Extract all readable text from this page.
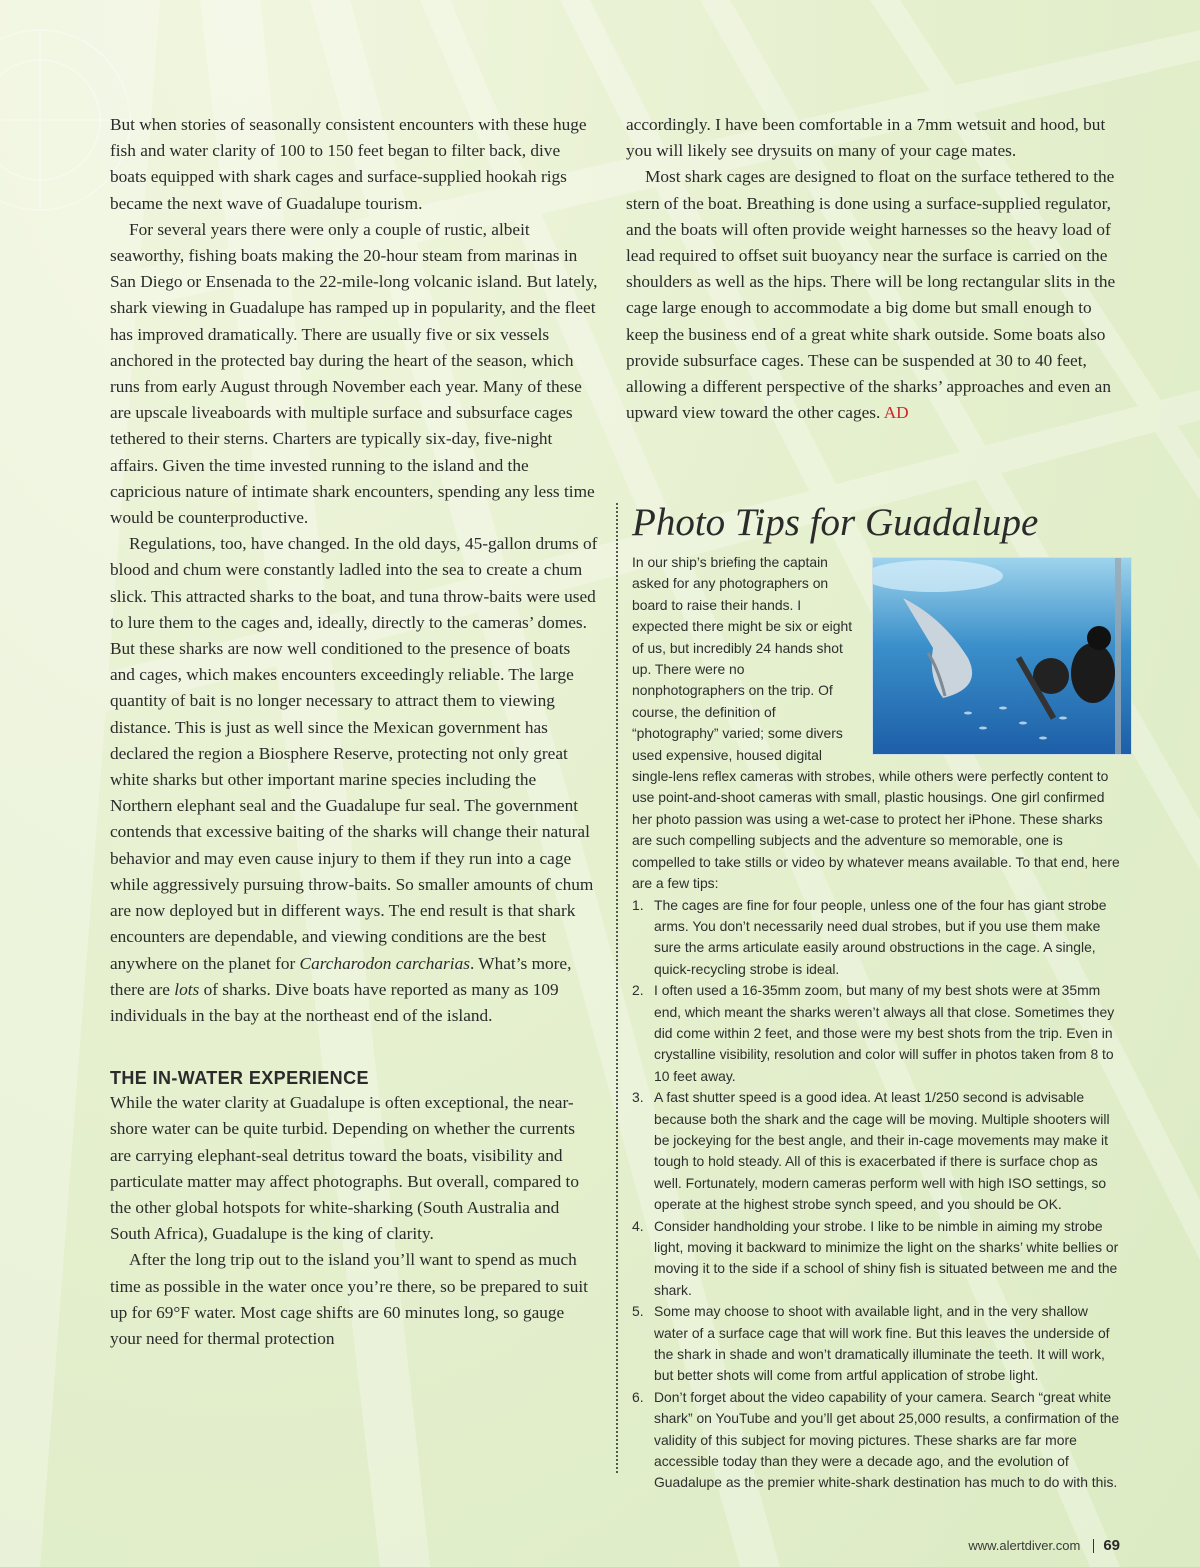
But when stories of seasonally consistent encounters with these huge fish and water clarity of 100 to 150 feet began to filter back, dive boats equipped with shark cages and surface-supplied hookah rigs became the next wave of Guadalupe tourism.

For several years there were only a couple of rustic, albeit seaworthy, fishing boats making the 20-hour steam from marinas in San Diego or Ensenada to the 22-mile-long volcanic island. But lately, shark viewing in Guadalupe has ramped up in popularity, and the fleet has improved dramatically. There are usually five or six vessels anchored in the protected bay during the heart of the season, which runs from early August through November each year. Many of these are upscale liveaboards with multiple surface and subsurface cages tethered to their sterns. Charters are typically six-day, five-night affairs. Given the time invested running to the island and the capricious nature of intimate shark encounters, spending any less time would be counterproductive.

Regulations, too, have changed. In the old days, 45-gallon drums of blood and chum were constantly ladled into the sea to create a chum slick. This attracted sharks to the boat, and tuna throw-baits were used to lure them to the cages and, ideally, directly to the cameras’ domes. But these sharks are now well conditioned to the presence of boats and cages, which makes encounters exceedingly reliable. The large quantity of bait is no longer necessary to attract them to viewing distance. This is just as well since the Mexican government has declared the region a Biosphere Reserve, protecting not only great white sharks but other important marine species including the Northern elephant seal and the Guadalupe fur seal. The government contends that excessive baiting of the sharks will change their natural behavior and may even cause injury to them if they run into a cage while aggressively pursuing throw-baits. So smaller amounts of chum are now deployed but in different ways. The end result is that shark encounters are dependable, and viewing conditions are the best anywhere on the planet for Carcharodon carcharias. What’s more, there are lots of sharks. Dive boats have reported as many as 109 individuals in the bay at the northeast end of the island.

THE IN-WATER EXPERIENCE

While the water clarity at Guadalupe is often exceptional, the near-shore water can be quite turbid. Depending on whether the currents are carrying elephant-seal detritus toward the boats, visibility and particulate matter may affect photographs. But overall, compared to the other global hotspots for white-sharking (South Australia and South Africa), Guadalupe is the king of clarity.

After the long trip out to the island you’ll want to spend as much time as possible in the water once you’re there, so be prepared to suit up for 69°F water. Most cage shifts are 60 minutes long, so gauge your need for thermal protection

accordingly. I have been comfortable in a 7mm wetsuit and hood, but you will likely see drysuits on many of your cage mates.

Most shark cages are designed to float on the surface tethered to the stern of the boat. Breathing is done using a surface-supplied regulator, and the boats will often provide weight harnesses so the heavy load of lead required to offset suit buoyancy near the surface is carried on the shoulders as well as the hips. There will be long rectangular slits in the cage large enough to accommodate a big dome but small enough to keep the business end of a great white shark outside. Some boats also provide subsurface cages. These can be suspended at 30 to 40 feet, allowing a different perspective of the sharks’ approaches and even an upward view toward the other cages. AD

Photo Tips for Guadalupe

In our ship’s briefing the captain asked for any photographers on board to raise their hands. I expected there might be six or eight of us, but incredibly 24 hands shot up. There were no nonphotographers on the trip. Of course, the definition of “photography” varied; some divers used expensive, housed digital single-lens reflex cameras with strobes, while others were perfectly content to use point-and-shoot cameras with small, plastic housings. One girl confirmed her photo passion was using a wet-case to protect her iPhone. These sharks are such compelling subjects and the adventure so memorable, one is compelled to take stills or video by whatever means available. To that end, here are a few tips:

1. The cages are fine for four people, unless one of the four has giant strobe arms. You don’t necessarily need dual strobes, but if you use them make sure the arms articulate easily around obstructions in the cage. A single, quick-recycling strobe is ideal.
2. I often used a 16-35mm zoom, but many of my best shots were at 35mm end, which meant the sharks weren’t always all that close. Sometimes they did come within 2 feet, and those were my best shots from the trip. Even in crystalline visibility, resolution and color will suffer in photos taken from 8 to 10 feet away.
3. A fast shutter speed is a good idea. At least 1/250 second is advisable because both the shark and the cage will be moving. Multiple shooters will be jockeying for the best angle, and their in-cage movements may make it tough to hold steady. All of this is exacerbated if there is surface chop as well. Fortunately, modern cameras perform well with high ISO settings, so operate at the highest strobe synch speed, and you should be OK.
4. Consider handholding your strobe. I like to be nimble in aiming my strobe light, moving it backward to minimize the light on the sharks’ white bellies or moving it to the side if a school of shiny fish is situated between me and the shark.
5. Some may choose to shoot with available light, and in the very shallow water of a surface cage that will work fine. But this leaves the underside of the shark in shade and won’t dramatically illuminate the teeth. It will work, but better shots will come from artful application of strobe light.
6. Don’t forget about the video capability of your camera. Search “great white shark” on YouTube and you’ll get about 25,000 results, a confirmation of the validity of this subject for moving pictures. These sharks are far more accessible today than they were a decade ago, and the evolution of Guadalupe as the premier white-shark destination has much to do with this.
www.alertdiver.com 69
